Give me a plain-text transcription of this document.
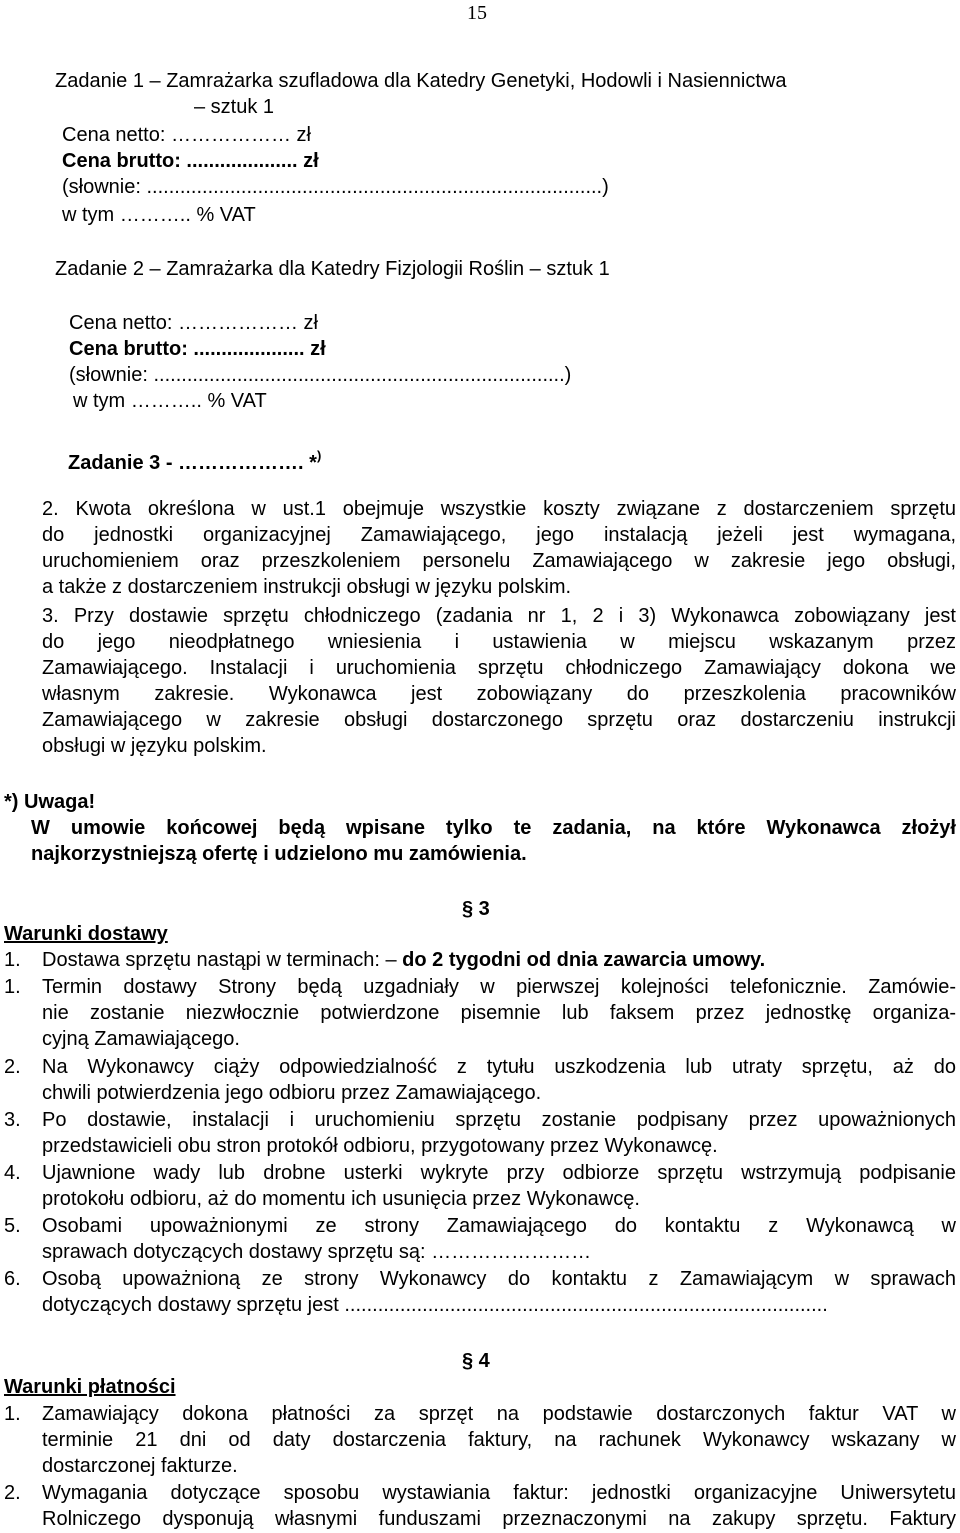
15
Zadanie 1 – Zamrażarka szufladowa dla Katedry Genetyki, Hodowli i Nasiennictwa
– sztuk 1
Cena netto: ……………… zł
Cena brutto: .................... zł
(słownie: ..................................................................................)
w tym ……….. % VAT
Zadanie 2 – Zamrażarka dla Katedry Fizjologii Roślin – sztuk 1
Cena netto: ……………… zł
Cena brutto: .................... zł
(słownie: ..........................................................................)
w tym ……….. % VAT
Zadanie 3 - ………………. *)
2. Kwota określona w ust.1 obejmuje wszystkie koszty związane z dostarczeniem sprzętu
do jednostki organizacyjnej Zamawiającego, jego instalacją jeżeli jest wymagana,
uruchomieniem oraz przeszkoleniem personelu Zamawiającego w zakresie jego obsługi,
a także z dostarczeniem instrukcji obsługi w języku polskim.
3. Przy dostawie sprzętu chłodniczego (zadania nr 1, 2 i 3) Wykonawca zobowiązany jest
do jego nieodpłatnego wniesienia i ustawienia w miejscu wskazanym przez
Zamawiającego. Instalacji i uruchomienia sprzętu chłodniczego Zamawiający dokona we
własnym zakresie. Wykonawca jest zobowiązany do przeszkolenia pracowników
Zamawiającego w zakresie obsługi dostarczonego sprzętu oraz dostarczeniu instrukcji
obsługi w języku polskim.
*) Uwaga!
W umowie końcowej będą wpisane tylko te zadania, na które Wykonawca złożył
najkorzystniejszą ofertę i udzielono mu zamówienia.
§ 3
Warunki dostawy
1. Dostawa sprzętu nastąpi w terminach: – do 2 tygodni od dnia zawarcia umowy.
1. Termin dostawy Strony będą uzgadniały w pierwszej kolejności telefonicznie. Zamówie-
nie zostanie niezwłocznie potwierdzone pisemnie lub faksem przez jednostkę organiza-
cyjną Zamawiającego.
2. Na Wykonawcy ciąży odpowiedzialność z tytułu uszkodzenia lub utraty sprzętu, aż do
chwili potwierdzenia jego odbioru przez Zamawiającego.
3. Po dostawie, instalacji i uruchomieniu sprzętu zostanie podpisany przez upoważnionych
przedstawicieli obu stron protokół odbioru, przygotowany przez Wykonawcę.
4. Ujawnione wady lub drobne usterki wykryte przy odbiorze sprzętu wstrzymują podpisanie
protokołu odbioru, aż do momentu ich usunięcia przez Wykonawcę.
5. Osobami upoważnionymi ze strony Zamawiającego do kontaktu z Wykonawcą w
sprawach dotyczących dostawy sprzętu są: ……………………
6. Osobą upoważnioną ze strony Wykonawcy do kontaktu z Zamawiającym w sprawach
dotyczących dostawy sprzętu jest .......................................................................................
§ 4
Warunki płatności
1. Zamawiający dokona płatności za sprzęt na podstawie dostarczonych faktur VAT w
terminie 21 dni od daty dostarczenia faktury, na rachunek Wykonawcy wskazany w
dostarczonej fakturze.
2. Wymagania dotyczące sposobu wystawiania faktur: jednostki organizacyjne Uniwersytetu
Rolniczego dysponują własnymi funduszami przeznaczonymi na zakupy sprzętu. Faktury
